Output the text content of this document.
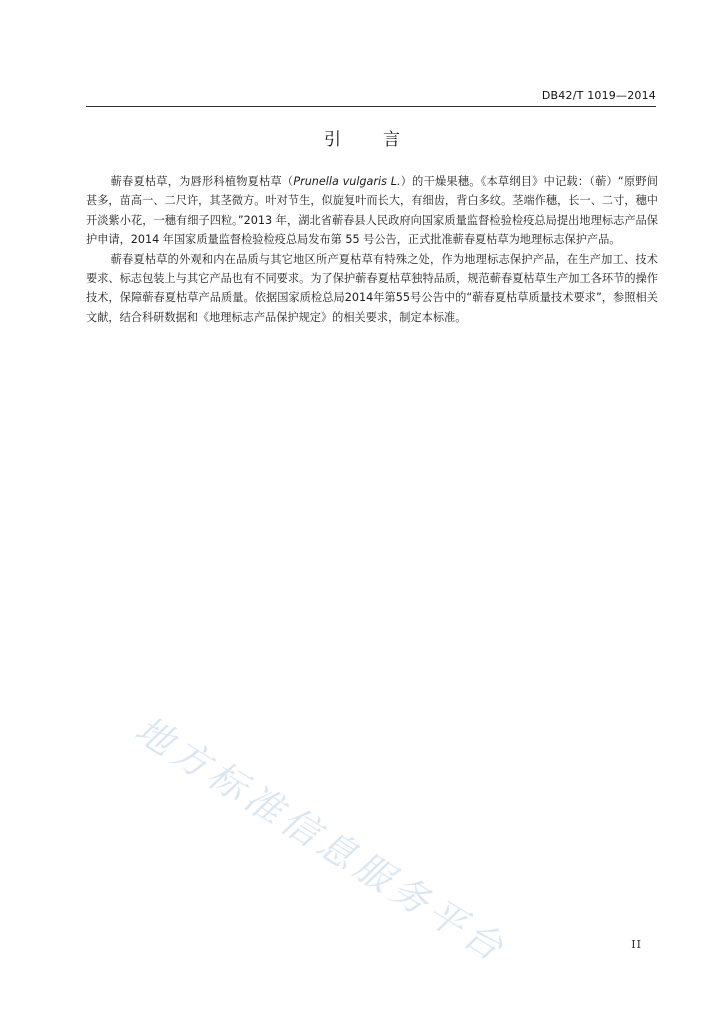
DB42/T 1019—2014
引言

蕲春夏枯草，为唇形科植物夏枯草（Prunella vulgaris L.）的干燥果穗。《本草纲目》中记载：（蕲）“原野间甚多，苗高一、二尺许，其茎微方。叶对节生，似旋复叶而长大，有细齿，背白多纹。茎端作穗，长一、二寸，穗中开淡紫小花，一穗有细子四粒。”2013 年，湖北省蕲春县人民政府向国家质量监督检验检疫总局提出地理标志产品保护申请，2014 年国家质量监督检验检疫总局发布第 55 号公告，正式批准蕲春夏枯草为地理标志保护产品。

蕲春夏枯草的外观和内在品质与其它地区所产夏枯草有特殊之处，作为地理标志保护产品，在生产加工、技术要求、标志包装上与其它产品也有不同要求。为了保护蕲春夏枯草独特品质，规范蕲春夏枯草生产加工各环节的操作技术，保障蕲春夏枯草产品质量。依据国家质检总局2014年第55号公告中的“蕲春夏枯草质量技术要求”，参照相关文献，结合科研数据和《地理标志产品保护规定》的相关要求，制定本标准。

地方标准信息服务平台	II
